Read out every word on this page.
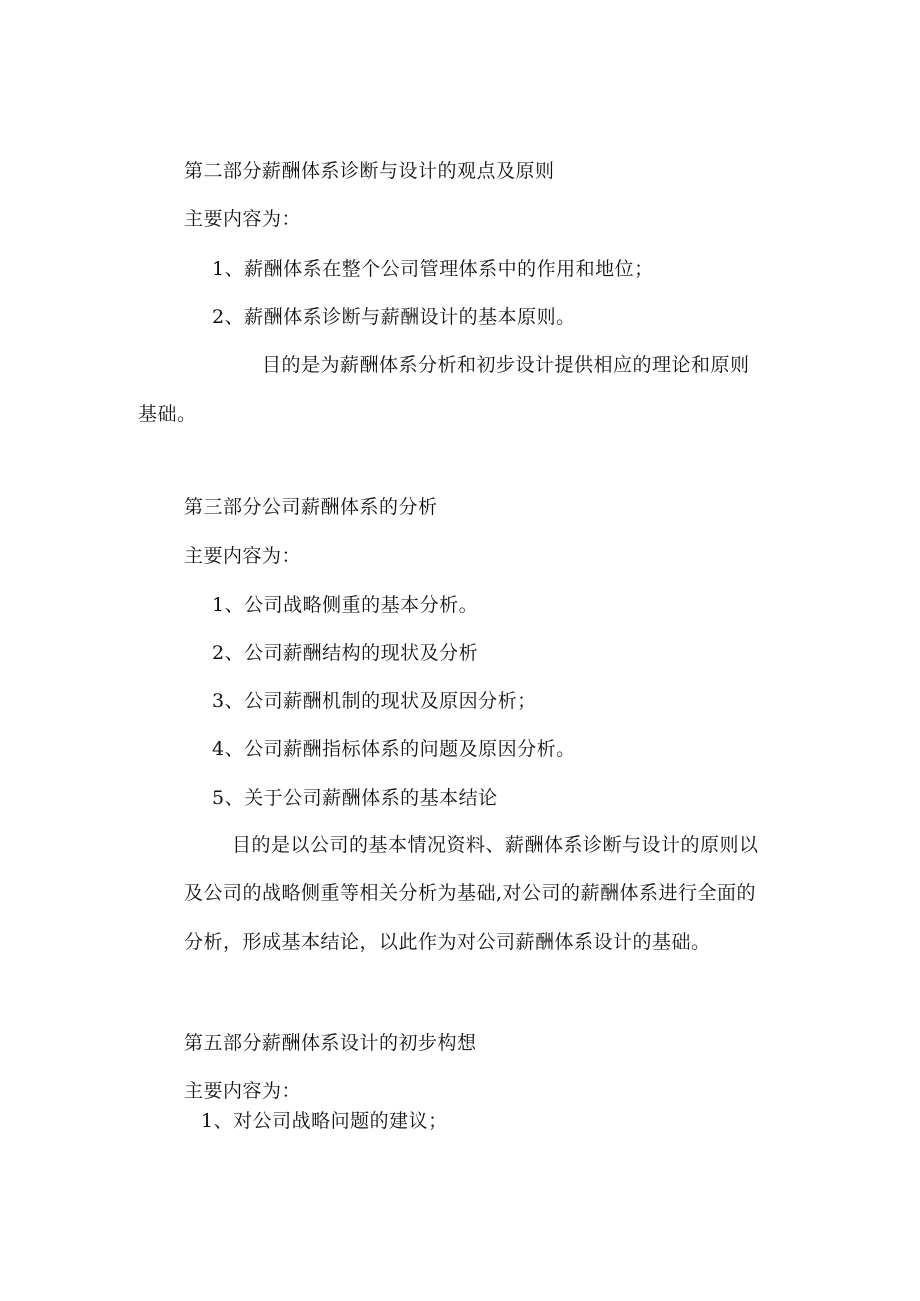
第二部分薪酬体系诊断与设计的观点及原则
主要内容为：
1、薪酬体系在整个公司管理体系中的作用和地位；
2、薪酬体系诊断与薪酬设计的基本原则。
目的是为薪酬体系分析和初步设计提供相应的理论和原则
基础。
第三部分公司薪酬体系的分析
主要内容为：
1、公司战略侧重的基本分析。
2、公司薪酬结构的现状及分析
3、公司薪酬机制的现状及原因分析；
4、公司薪酬指标体系的问题及原因分析。
5、关于公司薪酬体系的基本结论
目的是以公司的基本情况资料、薪酬体系诊断与设计的原则以
及公司的战略侧重等相关分析为基础,对公司的薪酬体系进行全面的
分析，形成基本结论，以此作为对公司薪酬体系设计的基础。
第五部分薪酬体系设计的初步构想
主要内容为：
1、对公司战略问题的建议；
